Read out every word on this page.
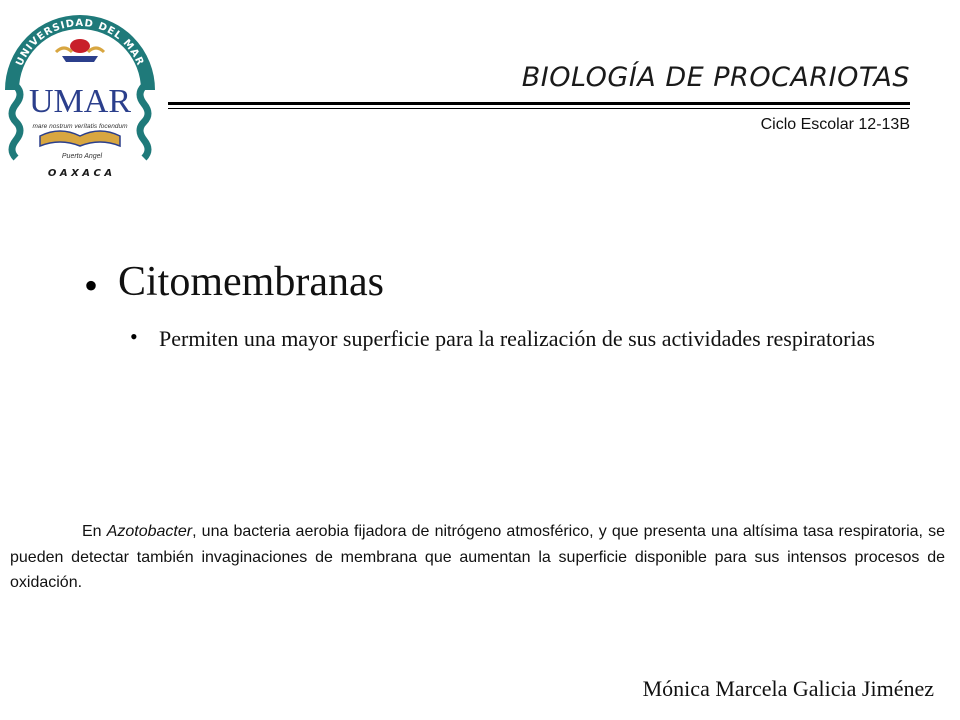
UNIVERSIDAD DEL MAR
UMAR
mare nostrum verítatis focendum
Puerto Angel
O A X A C A
BIOLOGÍA DE PROCARIOTAS
Ciclo Escolar 12-13B
• Citomembranas
• Permiten una mayor superficie para la realización de sus actividades respiratorias
En Azotobacter, una bacteria aerobia fijadora de nitrógeno atmosférico, y que presenta una altísima tasa respiratoria, se pueden detectar también invaginaciones de membrana que aumentan la superficie disponible para sus intensos procesos de oxidación.
Mónica Marcela Galicia Jiménez
